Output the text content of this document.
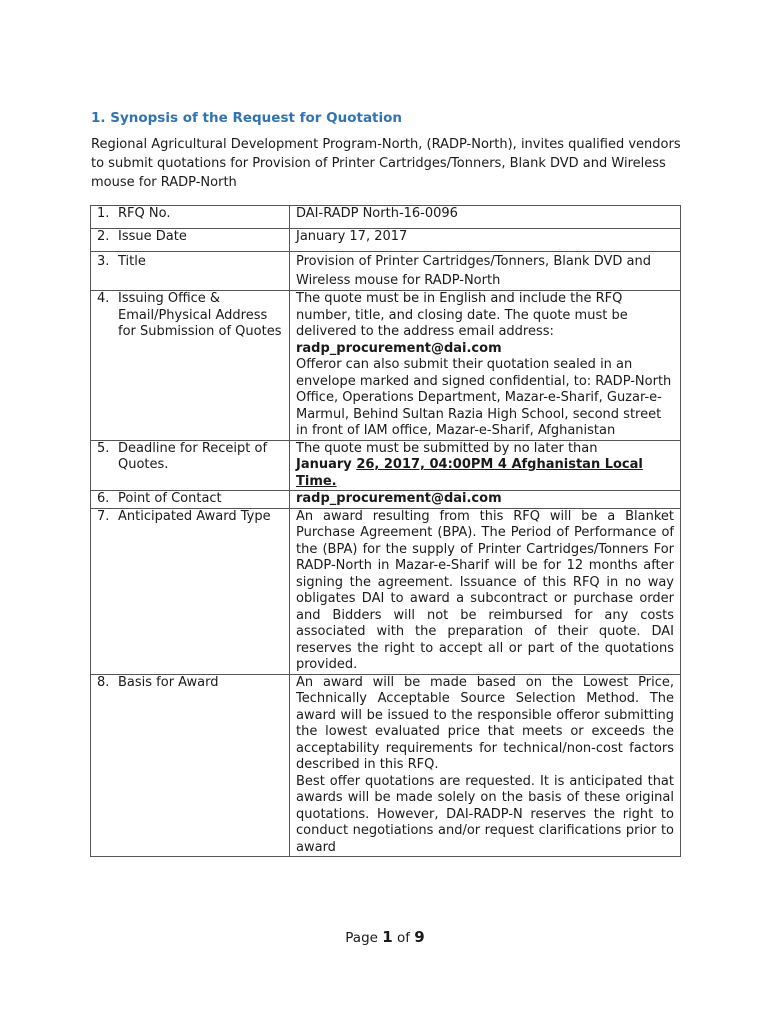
1. Synopsis of the Request for Quotation

Regional Agricultural Development Program-North, (RADP-North), invites qualified vendors to submit quotations for Provision of Printer Cartridges/Tonners, Blank DVD and Wireless mouse for RADP-North

1. RFQ No.	DAI-RADP North-16-0096
2. Issue Date	January 17, 2017
3. Title	Provision of Printer Cartridges/Tonners, Blank DVD and Wireless mouse for RADP-North
4. Issuing Office & Email/Physical Address for Submission of Quotes	The quote must be in English and include the RFQ number, title, and closing date. The quote must be delivered to the address email address:
radp_procurement@dai.com
Offeror can also submit their quotation sealed in an envelope marked and signed confidential, to: RADP-North Office, Operations Department, Mazar-e-Sharif, Guzar-e-Marmul, Behind Sultan Razia High School, second street in front of IAM office, Mazar-e-Sharif, Afghanistan

5. Deadline for Receipt of Quotes.	The quote must be submitted by no later than
January 26, 2017, 04:00PM 4 Afghanistan Local Time.

6. Point of Contact	radp_procurement@dai.com
7. Anticipated Award Type	An award resulting from this RFQ will be a Blanket Purchase Agreement (BPA). The Period of Performance of the (BPA) for the supply of Printer Cartridges/Tonners For RADP-North in Mazar-e-Sharif will be for 12 months after signing the agreement. Issuance of this RFQ in no way obligates DAI to award a subcontract or purchase order and Bidders will not be reimbursed for any costs associated with the preparation of their quote. DAI reserves the right to accept all or part of the quotations provided.
8. Basis for Award	An award will be made based on the Lowest Price, Technically Acceptable Source Selection Method. The award will be issued to the responsible offeror submitting the lowest evaluated price that meets or exceeds the acceptability requirements for technical/non-cost factors described in this RFQ.
Best offer quotations are requested. It is anticipated that awards will be made solely on the basis of these original quotations. However, DAI-RADP-N reserves the right to conduct negotiations and/or request clarifications prior to award
Page 1 of 9
